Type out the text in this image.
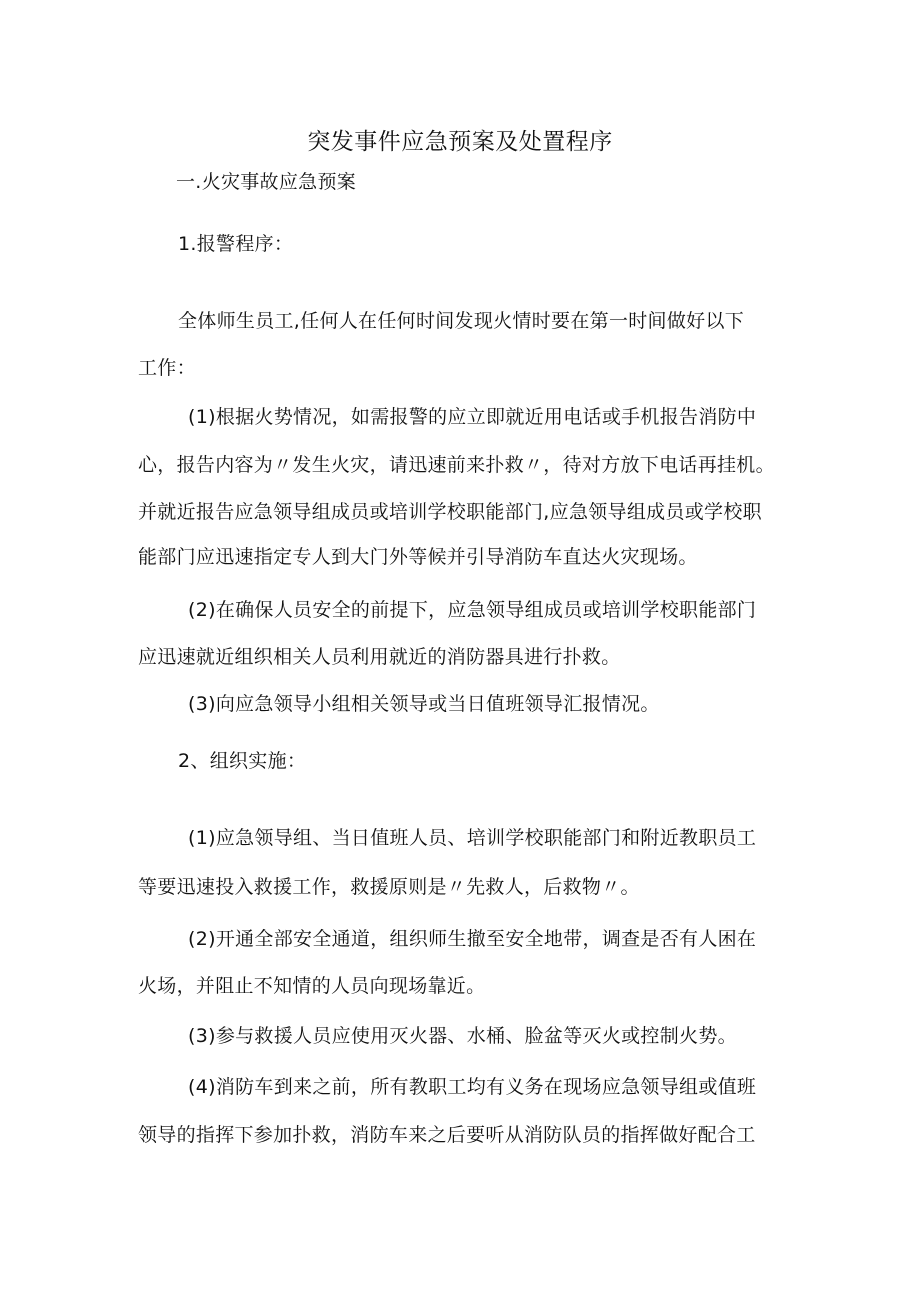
突发事件应急预案及处置程序
一.火灾事故应急预案
1.报警程序：
全体师生员工,任何人在任何时间发现火情时要在第一时间做好以下
工作：
(1)根据火势情况，如需报警的应立即就近用电话或手机报告消防中
心，报告内容为〃发生火灾，请迅速前来扑救〃，待对方放下电话再挂机。
并就近报告应急领导组成员或培训学校职能部门,应急领导组成员或学校职
能部门应迅速指定专人到大门外等候并引导消防车直达火灾现场。
(2)在确保人员安全的前提下，应急领导组成员或培训学校职能部门
应迅速就近组织相关人员利用就近的消防器具进行扑救。
(3)向应急领导小组相关领导或当日值班领导汇报情况。
2、组织实施：
(1)应急领导组、当日值班人员、培训学校职能部门和附近教职员工
等要迅速投入救援工作，救援原则是〃先救人，后救物〃。
(2)开通全部安全通道，组织师生撤至安全地带，调查是否有人困在
火场，并阻止不知情的人员向现场靠近。
(3)参与救援人员应使用灭火器、水桶、脸盆等灭火或控制火势。
(4)消防车到来之前，所有教职工均有义务在现场应急领导组或值班
领导的指挥下参加扑救，消防车来之后要听从消防队员的指挥做好配合工
